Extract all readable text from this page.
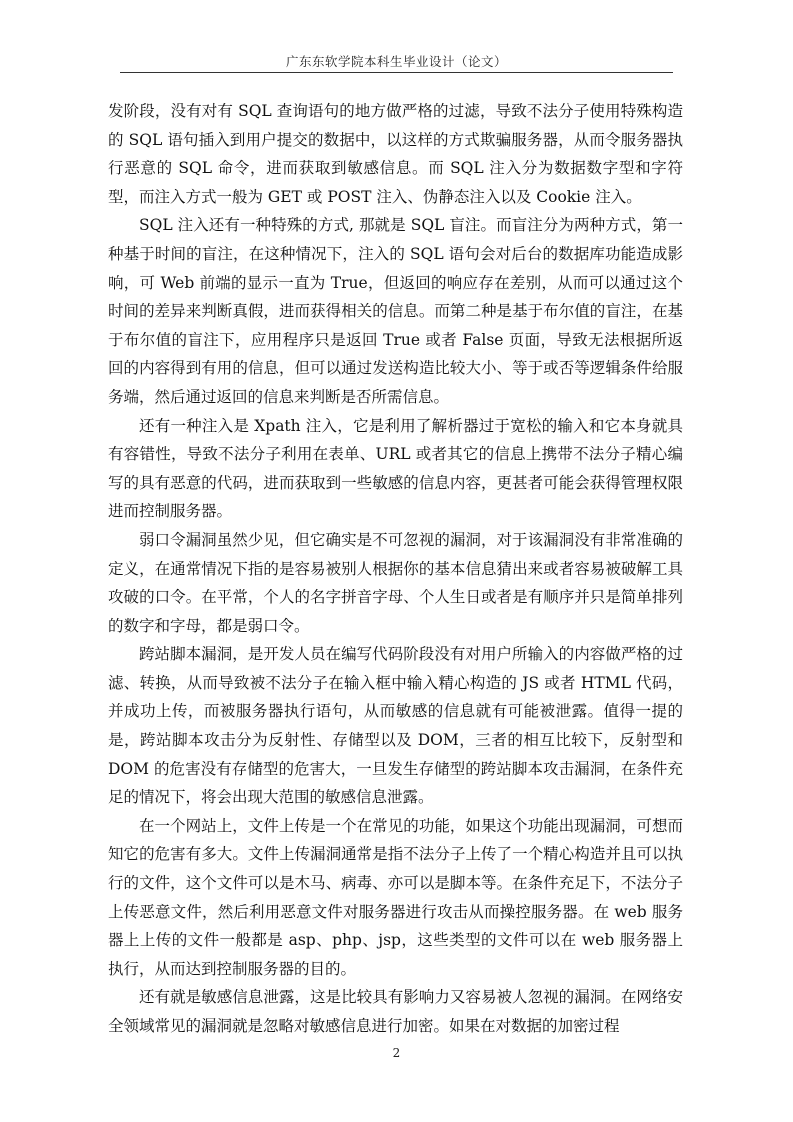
广东东软学院本科生毕业设计（论文）

发阶段，没有对有 SQL 查询语句的地方做严格的过滤，导致不法分子使用特殊构造的 SQL 语句插入到用户提交的数据中，以这样的方式欺骗服务器，从而令服务器执行恶意的 SQL 命令，进而获取到敏感信息。而 SQL 注入分为数据数字型和字符型，而注入方式一般为 GET 或 POST 注入、伪静态注入以及 Cookie 注入。

SQL 注入还有一种特殊的方式, 那就是 SQL 盲注。而盲注分为两种方式，第一种基于时间的盲注，在这种情况下，注入的 SQL 语句会对后台的数据库功能造成影响，可 Web 前端的显示一直为 True，但返回的响应存在差别，从而可以通过这个时间的差异来判断真假，进而获得相关的信息。而第二种是基于布尔值的盲注，在基于布尔值的盲注下，应用程序只是返回 True 或者 False 页面，导致无法根据所返回的内容得到有用的信息，但可以通过发送构造比较大小、等于或否等逻辑条件给服务端，然后通过返回的信息来判断是否所需信息。

还有一种注入是 Xpath 注入，它是利用了解析器过于宽松的输入和它本身就具有容错性，导致不法分子利用在表单、URL 或者其它的信息上携带不法分子精心编写的具有恶意的代码，进而获取到一些敏感的信息内容，更甚者可能会获得管理权限进而控制服务器。

弱口令漏洞虽然少见，但它确实是不可忽视的漏洞，对于该漏洞没有非常准确的定义，在通常情况下指的是容易被别人根据你的基本信息猜出来或者容易被破解工具攻破的口令。在平常，个人的名字拼音字母、个人生日或者是有顺序并只是简单排列的数字和字母，都是弱口令。

跨站脚本漏洞，是开发人员在编写代码阶段没有对用户所输入的内容做严格的过滤、转换，从而导致被不法分子在输入框中输入精心构造的 JS 或者 HTML 代码，并成功上传，而被服务器执行语句，从而敏感的信息就有可能被泄露。值得一提的是，跨站脚本攻击分为反射性、存储型以及 DOM，三者的相互比较下，反射型和 DOM 的危害没有存储型的危害大，一旦发生存储型的跨站脚本攻击漏洞，在条件充足的情况下，将会出现大范围的敏感信息泄露。

在一个网站上，文件上传是一个在常见的功能，如果这个功能出现漏洞，可想而知它的危害有多大。文件上传漏洞通常是指不法分子上传了一个精心构造并且可以执行的文件，这个文件可以是木马、病毒、亦可以是脚本等。在条件充足下，不法分子上传恶意文件，然后利用恶意文件对服务器进行攻击从而操控服务器。在 web 服务器上上传的文件一般都是 asp、php、jsp，这些类型的文件可以在 web 服务器上执行，从而达到控制服务器的目的。

还有就是敏感信息泄露，这是比较具有影响力又容易被人忽视的漏洞。在网络安全领域常见的漏洞就是忽略对敏感信息进行加密。如果在对数据的加密过程

2
